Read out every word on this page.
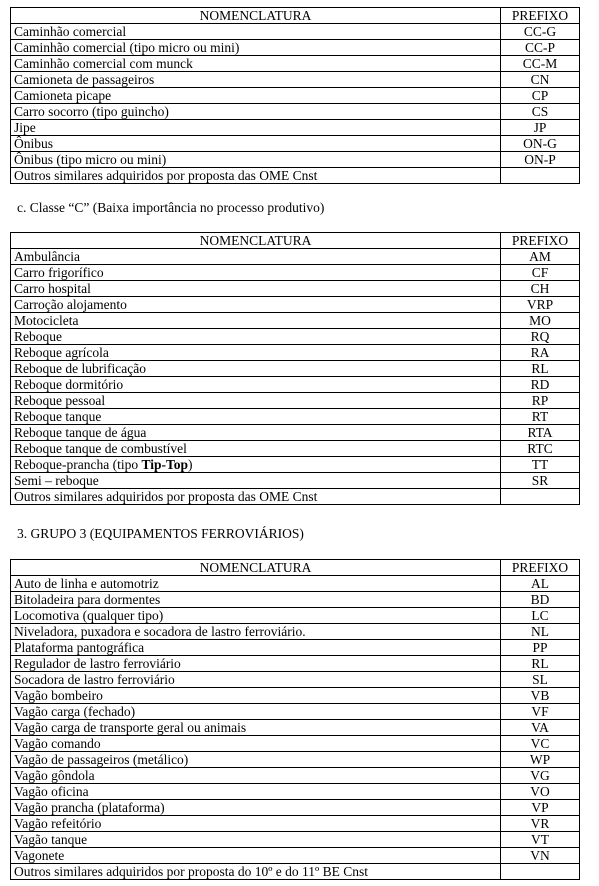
NOMENCLATURA	PREFIXO
Caminhão comercial	CC-G
Caminhão comercial (tipo micro ou mini)	CC-P
Caminhão comercial com munck	CC-M
Camioneta de passageiros	CN
Camioneta picape	CP
Carro socorro (tipo guincho)	CS
Jipe	JP
Ônibus	ON-G
Ônibus (tipo micro ou mini)	ON-P
Outros similares adquiridos por proposta das OME Cnst	
c. Classe “C” (Baixa importância no processo produtivo)
NOMENCLATURA	PREFIXO
Ambulância	AM
Carro frigorífico	CF
Carro hospital	CH
Carroção alojamento	VRP
Motocicleta	MO
Reboque	RQ
Reboque agrícola	RA
Reboque de lubrificação	RL
Reboque dormitório	RD
Reboque pessoal	RP
Reboque tanque	RT
Reboque tanque de água	RTA
Reboque tanque de combustível	RTC
Reboque-prancha (tipo Tip-Top)	TT
Semi – reboque	SR
Outros similares adquiridos por proposta das OME Cnst	
3. GRUPO 3 (EQUIPAMENTOS FERROVIÁRIOS)
NOMENCLATURA	PREFIXO
Auto de linha e automotriz	AL
Bitoladeira para dormentes	BD
Locomotiva (qualquer tipo)	LC
Niveladora, puxadora e socadora de lastro ferroviário.	NL
Plataforma pantográfica	PP
Regulador de lastro ferroviário	RL
Socadora de lastro ferroviário	SL
Vagão bombeiro	VB
Vagão carga (fechado)	VF
Vagão carga de transporte geral ou animais	VA
Vagão comando	VC
Vagão de passageiros (metálico)	WP
Vagão gôndola	VG
Vagão oficina	VO
Vagão prancha (plataforma)	VP
Vagão refeitório	VR
Vagão tanque	VT
Vagonete	VN
Outros similares adquiridos por proposta do 10º e do 11º BE Cnst	
